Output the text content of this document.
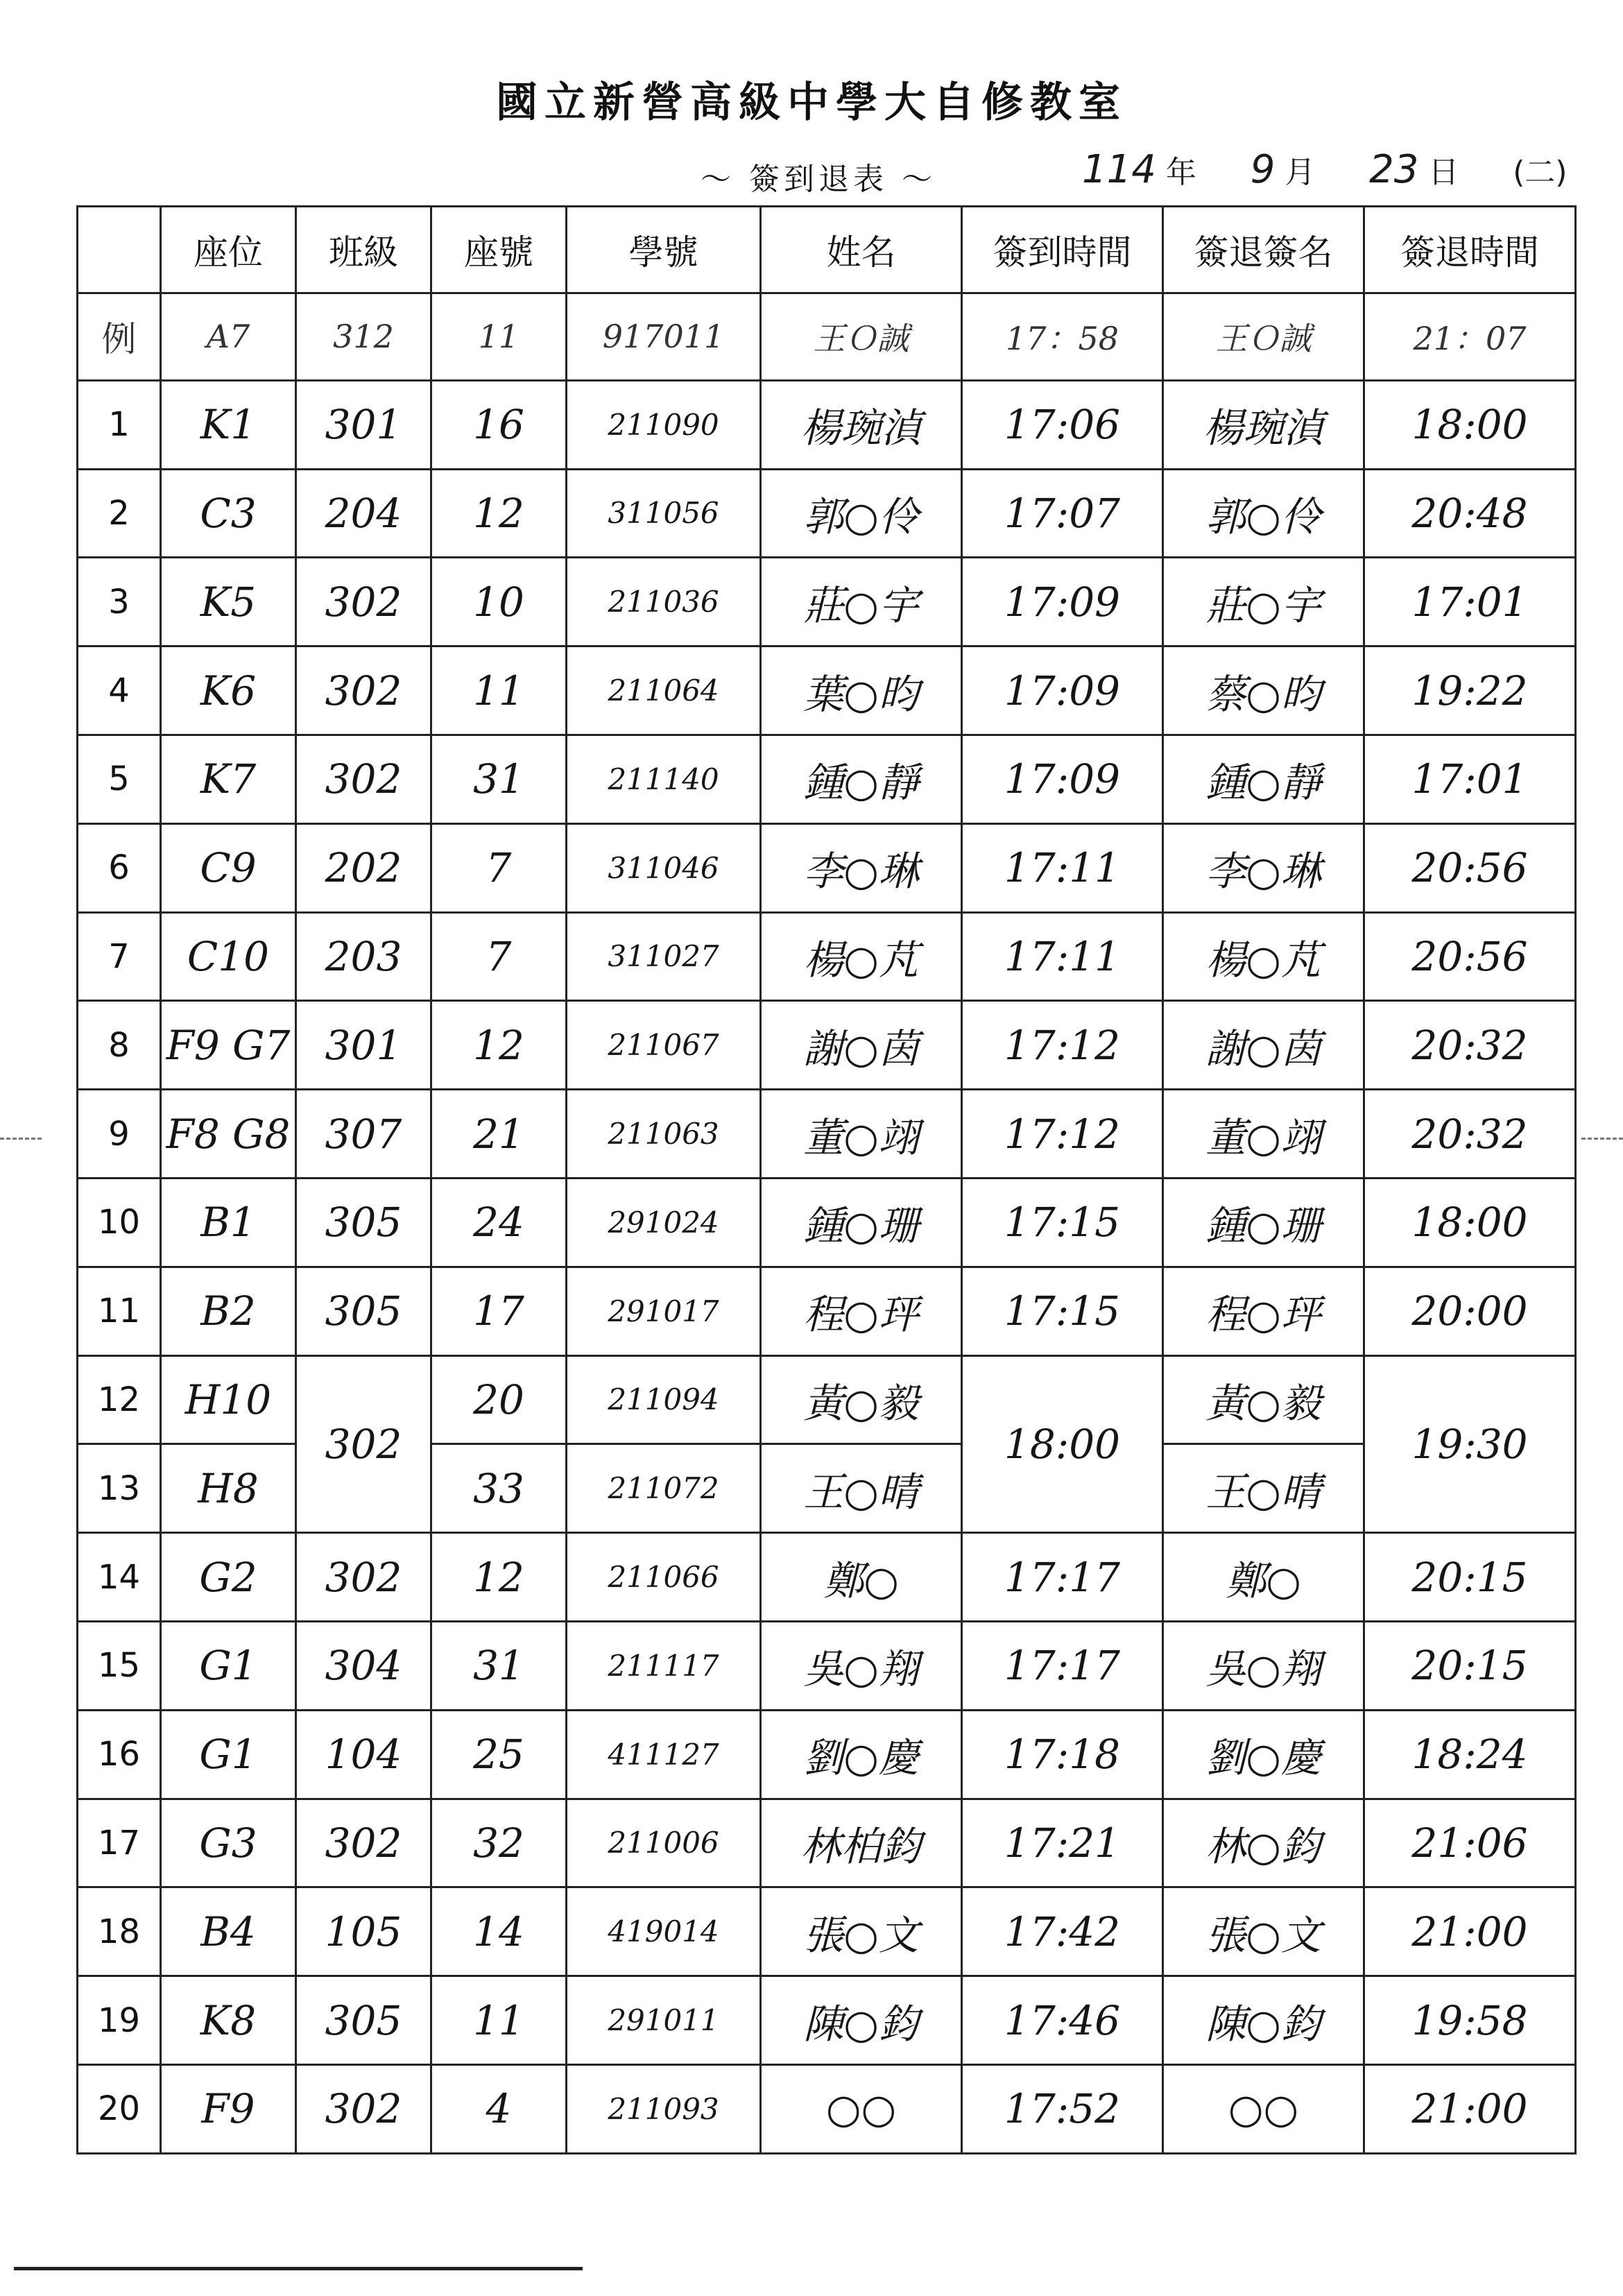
國立新營高級中學大自修教室
～ 簽到退表 ～	114 年 9 月 23 日 (二)
	座位	班級	座號	學號	姓名	簽到時間	簽退簽名	簽退時間
例	A7	312	11	917011	王Ｏ誠	17：58	王Ｏ誠	21：07
1	K1	301	16	211090	楊琬湞	17:06	楊琬湞	18:00
2	C3	204	12	311056	郭○伶	17:07	郭○伶	20:48
3	K5	302	10	211036	莊○宇	17:09	莊○宇	17:01
4	K6	302	11	211064	葉○昀	17:09	蔡○昀	19:22
5	K7	302	31	211140	鍾○靜	17:09	鍾○靜	17:01
6	C9	202	7	311046	李○琳	17:11	李○琳	20:56
7	C10	203	7	311027	楊○芃	17:11	楊○芃	20:56
8	F9 G7	301	12	211067	謝○茵	17:12	謝○茵	20:32
9	F8 G8	307	21	211063	董○翊	17:12	董○翊	20:32
10	B1	305	24	291024	鍾○珊	17:15	鍾○珊	18:00
11	B2	305	17	291017	程○玶	17:15	程○玶	20:00
12	H10	302	20	211094	黃○毅	18:00	黃○毅	19:30
13	H8		33	211072	王○晴		王○晴	
14	G2	302	12	211066	鄭○	17:17	鄭○	20:15
15	G1	304	31	211117	吳○翔	17:17	吳○翔	20:15
16	G1	104	25	411127	劉○慶	17:18	劉○慶	18:24
17	G3	302	32	211006	林柏鈞	17:21	林○鈞	21:06
18	B4	105	14	419014	張○文	17:42	張○文	21:00
19	K8	305	11	291011	陳○鈞	17:46	陳○鈞	19:58
20	F9	302	4	211093	○○	17:52	○○	21:00
